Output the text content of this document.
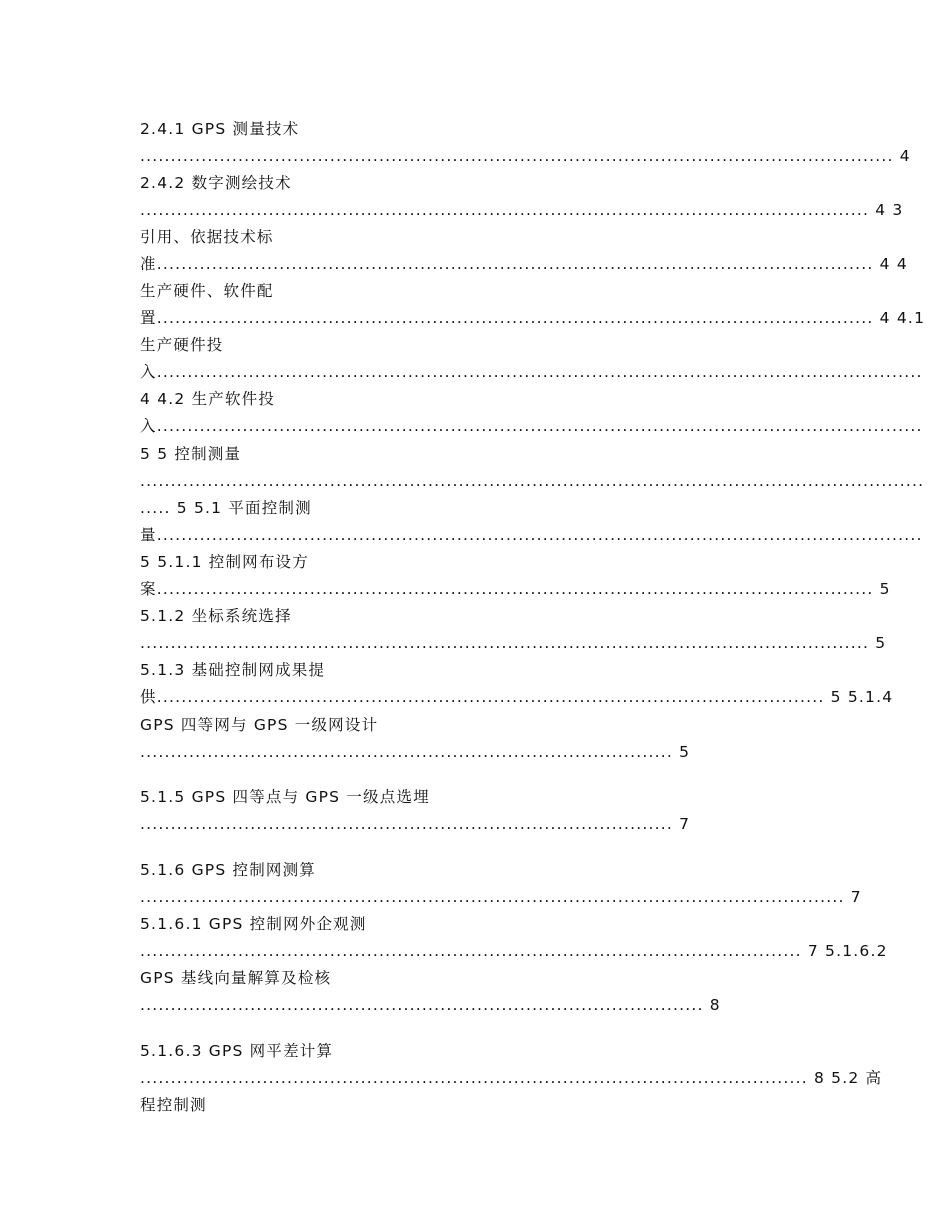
2.4.1 GPS 测量技术
........................................................................................................................... 4
2.4.2 数字测绘技术
....................................................................................................................... 4 3
引用、依据技术标
准..................................................................................................................... 4 4
生产硬件、软件配
置..................................................................................................................... 4 4.1
生产硬件投
入.............................................................................................................................
4 4.2 生产软件投
入.............................................................................................................................
5 5 控制测量
................................................................................................................................
..... 5 5.1 平面控制测
量.............................................................................................................................
5 5.1.1 控制网布设方
案..................................................................................................................... 5
5.1.2 坐标系统选择
....................................................................................................................... 5
5.1.3 基础控制网成果提
供............................................................................................................. 5 5.1.4
GPS 四等网与 GPS 一级网设计
....................................................................................... 5
5.1.5 GPS 四等点与 GPS 一级点选埋
....................................................................................... 7
5.1.6 GPS 控制网测算
................................................................................................................... 7
5.1.6.1 GPS 控制网外企观测
............................................................................................................ 7 5.1.6.2
GPS 基线向量解算及检核
............................................................................................ 8
5.1.6.3 GPS 网平差计算
............................................................................................................. 8 5.2 高
程控制测
